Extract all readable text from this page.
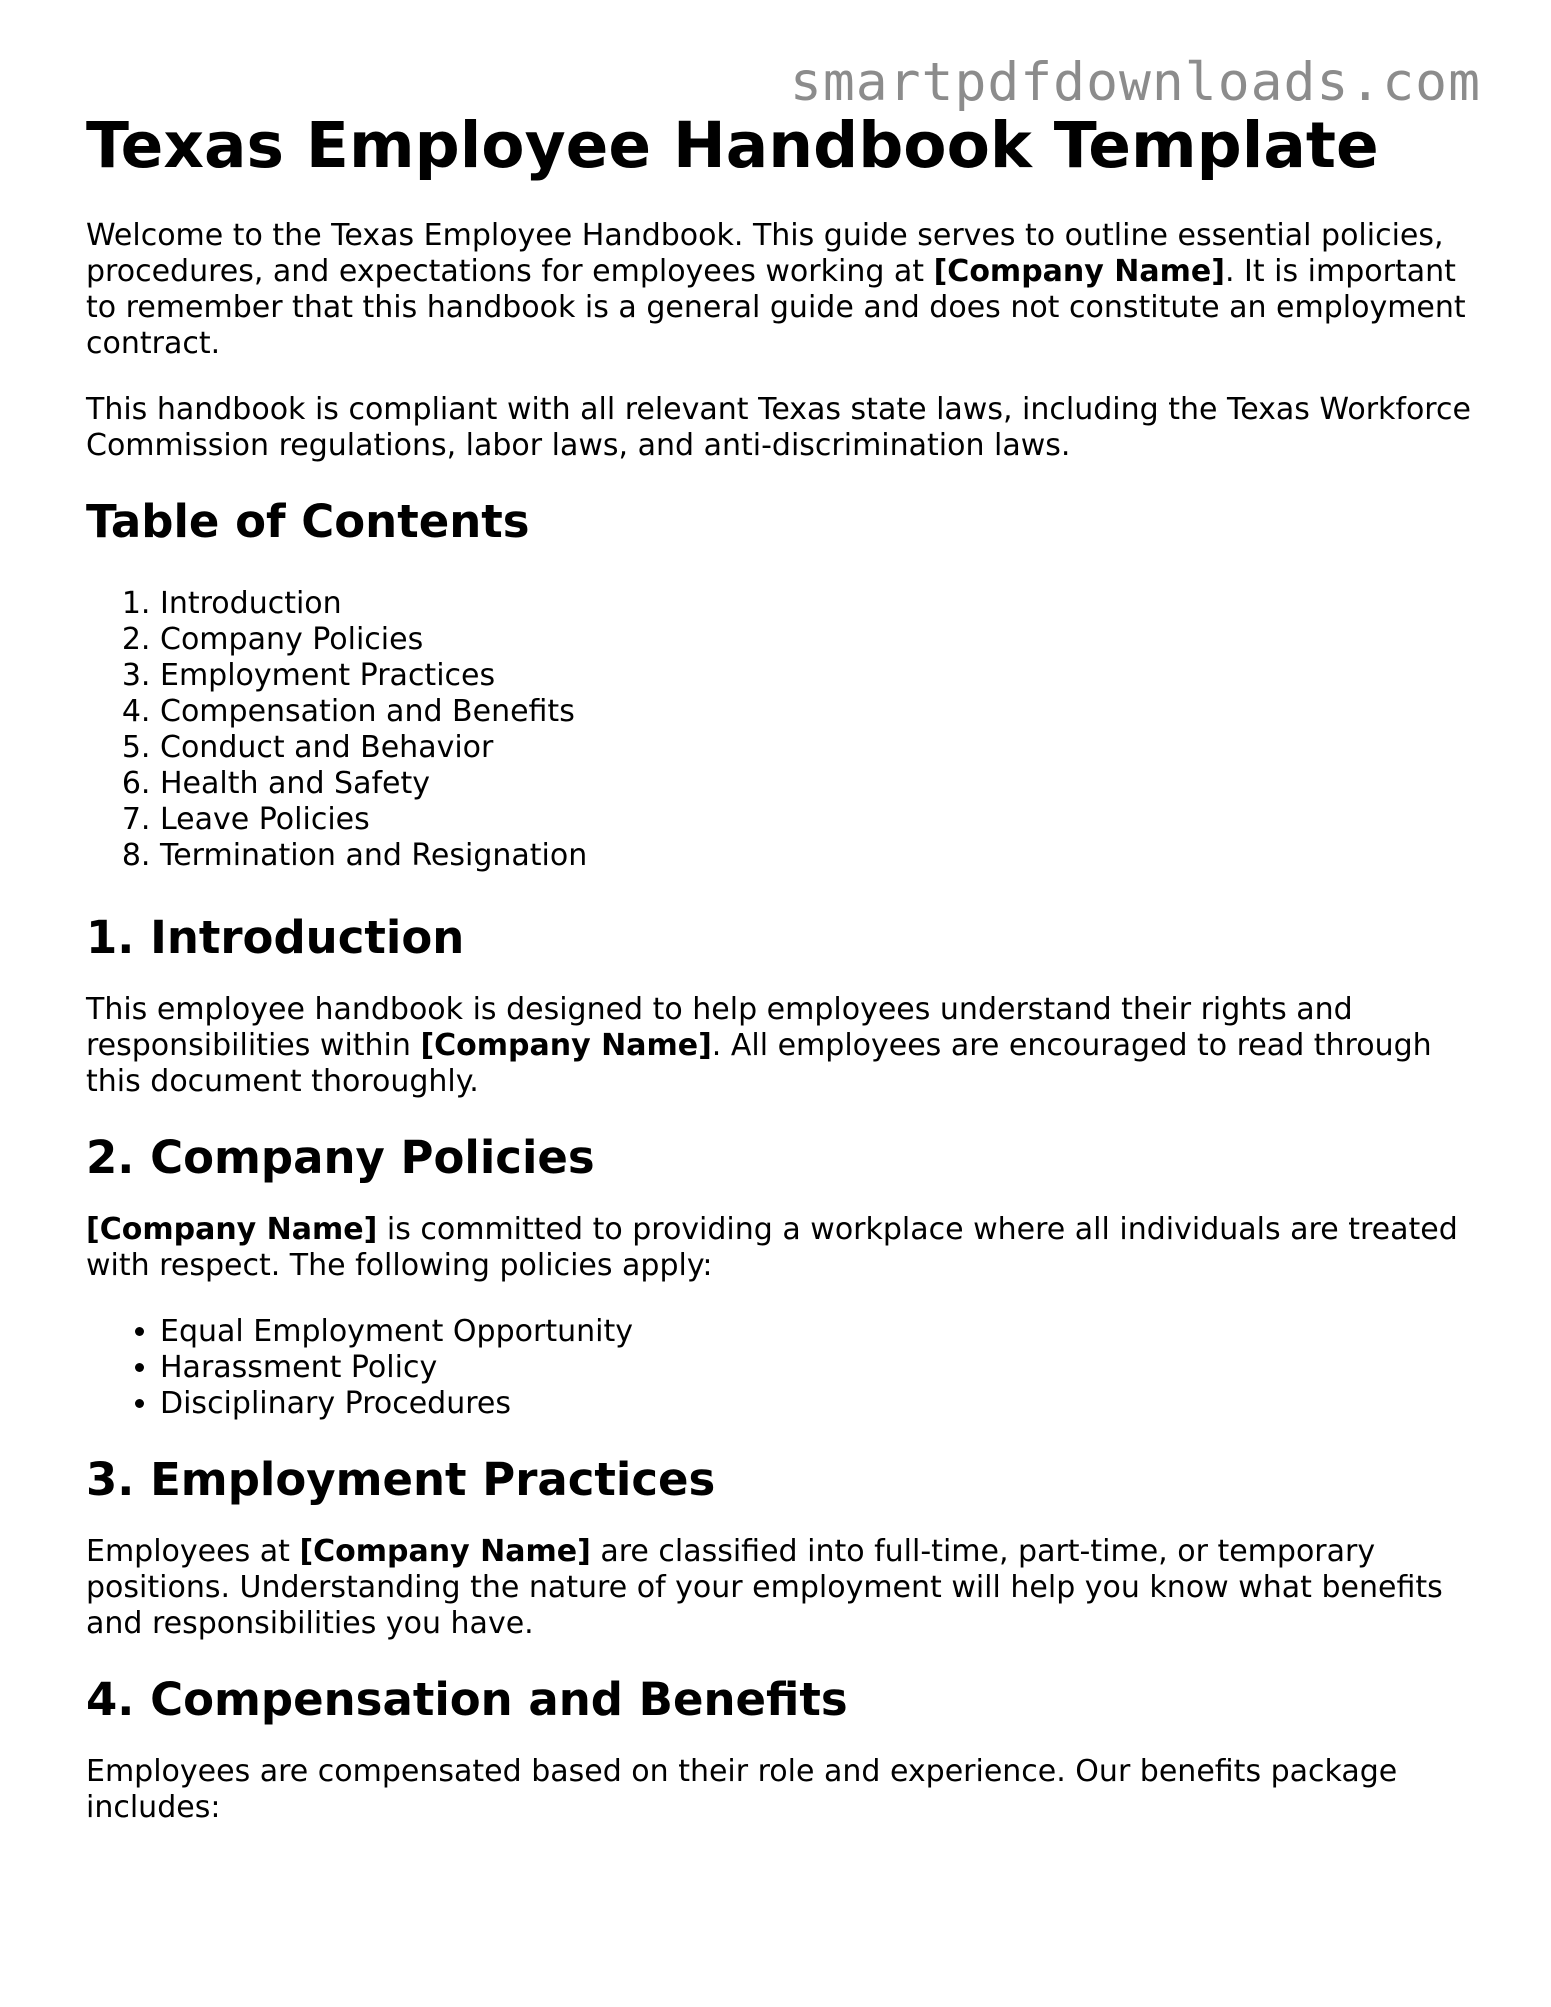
smartpdfdownloads.com
Texas Employee Handbook Template

Welcome to the Texas Employee Handbook. This guide serves to outline essential policies, procedures, and expectations for employees working at [Company Name]. It is important to remember that this handbook is a general guide and does not constitute an employment contract.

This handbook is compliant with all relevant Texas state laws, including the Texas Workforce Commission regulations, labor laws, and anti-discrimination laws.

Table of Contents
1. Introduction
2. Company Policies
3. Employment Practices
4. Compensation and Benefits
5. Conduct and Behavior
6. Health and Safety
7. Leave Policies
8. Termination and Resignation
1. Introduction

This employee handbook is designed to help employees understand their rights and responsibilities within [Company Name]. All employees are encouraged to read through this document thoroughly.

2. Company Policies

[Company Name] is committed to providing a workplace where all individuals are treated with respect. The following policies apply:

• Equal Employment Opportunity
• Harassment Policy
• Disciplinary Procedures
3. Employment Practices

Employees at [Company Name] are classified into full-time, part-time, or temporary positions. Understanding the nature of your employment will help you know what benefits and responsibilities you have.

4. Compensation and Benefits

Employees are compensated based on their role and experience. Our benefits package includes:
